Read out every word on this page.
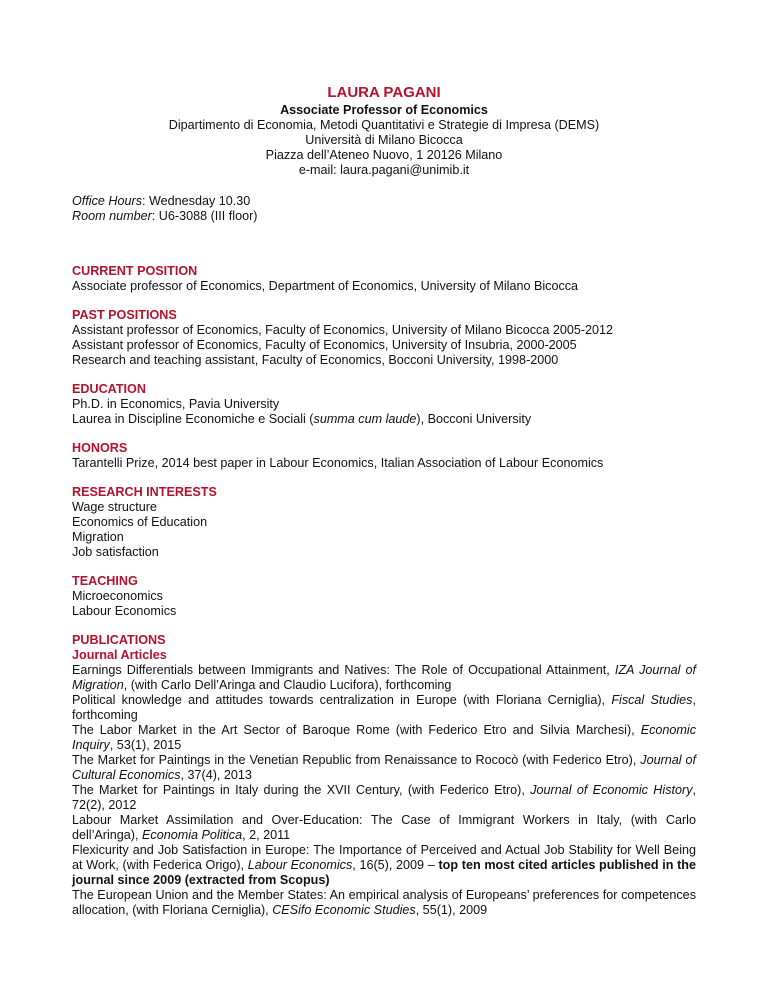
LAURA PAGANI

Associate Professor of Economics

Dipartimento di Economia, Metodi Quantitativi e Strategie di Impresa (DEMS)

Università di Milano Bicocca

Piazza dell’Ateneo Nuovo, 1 20126 Milano

e-mail: laura.pagani@unimib.it

Office Hours: Wednesday 10.30

Room number: U6-3088 (III floor)

CURRENT POSITION

Associate professor of Economics, Department of Economics, University of Milano Bicocca

PAST POSITIONS

Assistant professor of Economics, Faculty of Economics, University of Milano Bicocca 2005-2012

Assistant professor of Economics, Faculty of Economics, University of Insubria, 2000-2005

Research and teaching assistant, Faculty of Economics, Bocconi University, 1998-2000

EDUCATION

Ph.D. in Economics, Pavia University

Laurea in Discipline Economiche e Sociali (summa cum laude), Bocconi University

HONORS

Tarantelli Prize, 2014 best paper in Labour Economics, Italian Association of Labour Economics

RESEARCH INTERESTS

Wage structure

Economics of Education

Migration

Job satisfaction

TEACHING

Microeconomics

Labour Economics

PUBLICATIONS

Journal Articles

Earnings Differentials between Immigrants and Natives: The Role of Occupational Attainment, IZA Journal of Migration, (with Carlo Dell’Aringa and Claudio Lucifora), forthcoming

Political knowledge and attitudes towards centralization in Europe (with Floriana Cerniglia), Fiscal Studies, forthcoming

The Labor Market in the Art Sector of Baroque Rome (with Federico Etro and Silvia Marchesi), Economic Inquiry, 53(1), 2015

The Market for Paintings in the Venetian Republic from Renaissance to Rococò (with Federico Etro), Journal of Cultural Economics, 37(4), 2013

The Market for Paintings in Italy during the XVII Century, (with Federico Etro), Journal of Economic History, 72(2), 2012

Labour Market Assimilation and Over-Education: The Case of Immigrant Workers in Italy, (with Carlo dell’Aringa), Economia Politica, 2, 2011

Flexicurity and Job Satisfaction in Europe: The Importance of Perceived and Actual Job Stability for Well Being at Work, (with Federica Origo), Labour Economics, 16(5), 2009 – top ten most cited articles published in the journal since 2009 (extracted from Scopus)

The European Union and the Member States: An empirical analysis of Europeans’ preferences for competences allocation, (with Floriana Cerniglia), CESifo Economic Studies, 55(1), 2009
